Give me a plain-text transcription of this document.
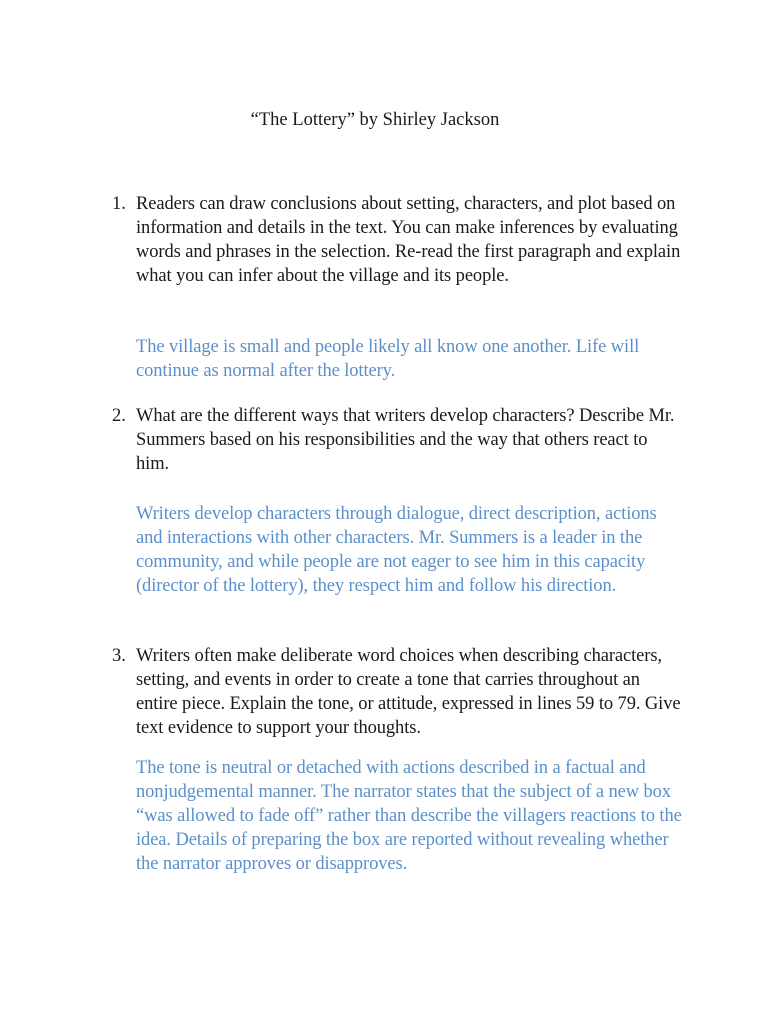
“The Lottery” by Shirley Jackson
1. Readers can draw conclusions about setting, characters, and plot based on information and details in the text. You can make inferences by evaluating words and phrases in the selection. Re-read the first paragraph and explain what you can infer about the village and its people.
The village is small and people likely all know one another. Life will continue as normal after the lottery.
2. What are the different ways that writers develop characters? Describe Mr. Summers based on his responsibilities and the way that others react to him.
Writers develop characters through dialogue, direct description, actions and interactions with other characters. Mr. Summers is a leader in the community, and while people are not eager to see him in this capacity (director of the lottery), they respect him and follow his direction.
3. Writers often make deliberate word choices when describing characters, setting, and events in order to create a tone that carries throughout an entire piece. Explain the tone, or attitude, expressed in lines 59 to 79. Give text evidence to support your thoughts.
The tone is neutral or detached with actions described in a factual and nonjudgemental manner. The narrator states that the subject of a new box “was allowed to fade off” rather than describe the villagers reactions to the idea. Details of preparing the box are reported without revealing whether the narrator approves or disapproves.
